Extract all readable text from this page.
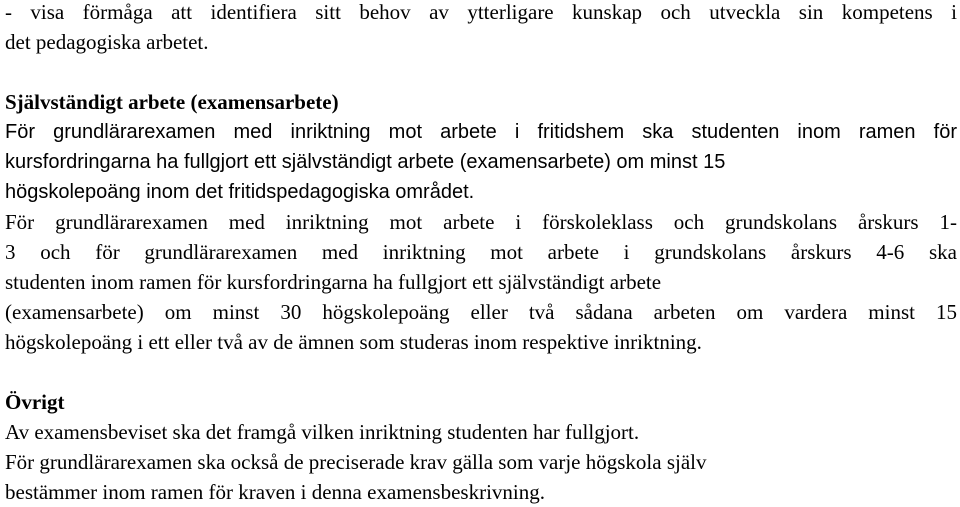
- visa förmåga att identifiera sitt behov av ytterligare kunskap och utveckla sin kompetens i
det pedagogiska arbetet.
Självständigt arbete (examensarbete)
För grundlärarexamen med inriktning mot arbete i fritidshem ska studenten inom ramen för
kursfordringarna ha fullgjort ett självständigt arbete (examensarbete) om minst 15
högskolepoäng inom det fritidspedagogiska området.
För grundlärarexamen med inriktning mot arbete i förskoleklass och grundskolans årskurs 1-
3 och för grundlärarexamen med inriktning mot arbete i grundskolans årskurs 4-6 ska
studenten inom ramen för kursfordringarna ha fullgjort ett självständigt arbete
(examensarbete) om minst 30 högskolepoäng eller två sådana arbeten om vardera minst 15
högskolepoäng i ett eller två av de ämnen som studeras inom respektive inriktning.
Övrigt
Av examensbeviset ska det framgå vilken inriktning studenten har fullgjort.
För grundlärarexamen ska också de preciserade krav gälla som varje högskola själv
bestämmer inom ramen för kraven i denna examensbeskrivning.
